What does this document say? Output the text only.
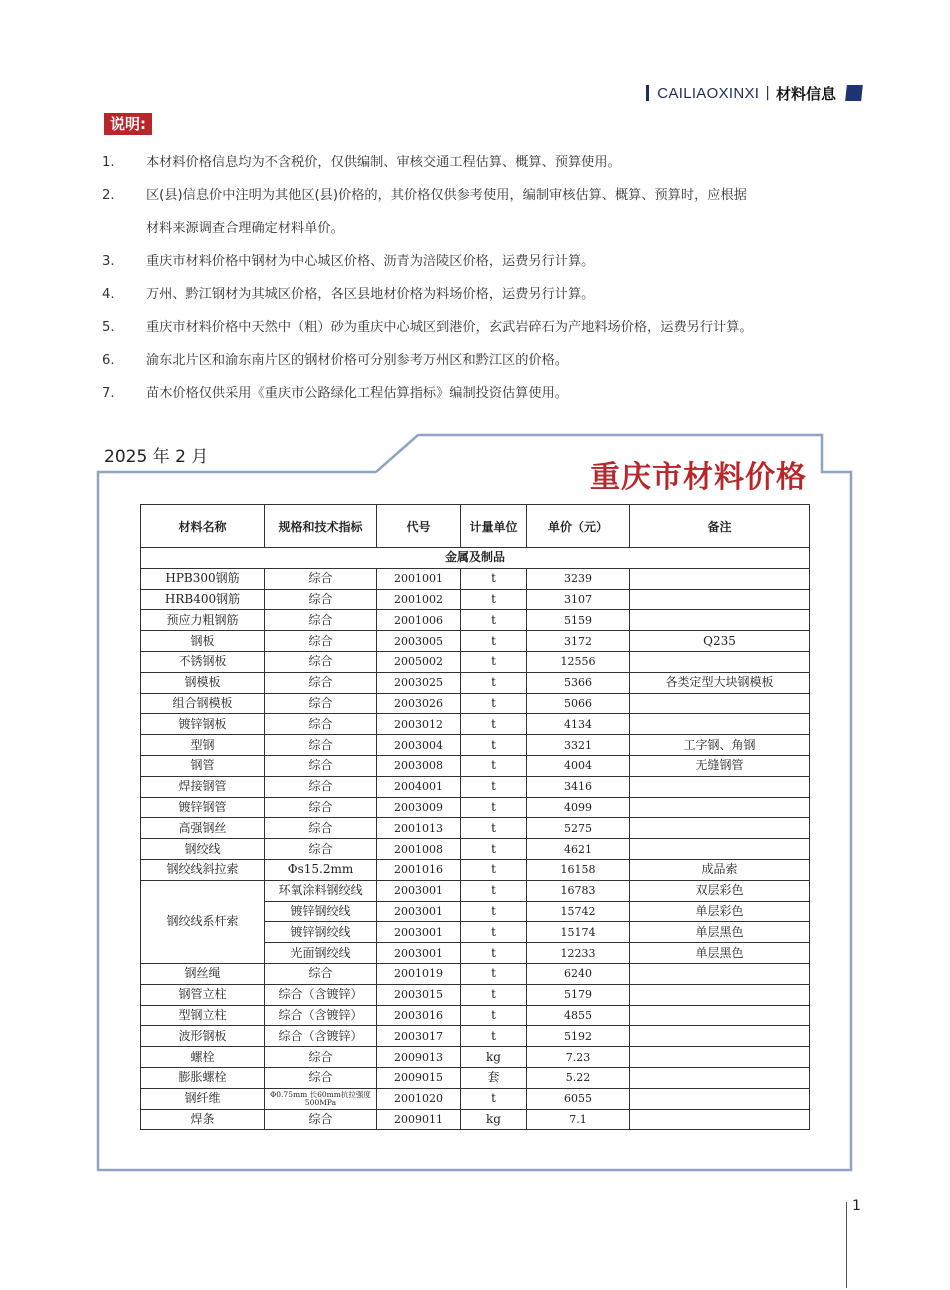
CAILIAOXINXI | 材料信息
说明:
1.	本材料价格信息均为不含税价，仅供编制、审核交通工程估算、概算、预算使用。
2.	区(县)信息价中注明为其他区(县)价格的，其价格仅供参考使用，编制审核估算、概算、预算时，应根据
材料来源调查合理确定材料单价。
3.	重庆市材料价格中钢材为中心城区价格、沥青为涪陵区价格，运费另行计算。
4.	万州、黔江钢材为其城区价格，各区县地材价格为料场价格，运费另行计算。
5.	重庆市材料价格中天然中（粗）砂为重庆中心城区到港价，玄武岩碎石为产地料场价格，运费另行计算。
6.	渝东北片区和渝东南片区的钢材价格可分别参考万州区和黔江区的价格。
7.	苗木价格仅供采用《重庆市公路绿化工程估算指标》编制投资估算使用。
2025 年 2 月
重庆市材料价格
材料名称	规格和技术指标	代号	计量单位	单价（元）	备注
金属及制品					
HPB300钢筋	综合	2001001	t	3239	
HRB400钢筋	综合	2001002	t	3107	
预应力粗钢筋	综合	2001006	t	5159	
钢板	综合	2003005	t	3172	Q235
不锈钢板	综合	2005002	t	12556	
钢模板	综合	2003025	t	5366	各类定型大块钢模板
组合钢模板	综合	2003026	t	5066	
镀锌钢板	综合	2003012	t	4134	
型钢	综合	2003004	t	3321	工字钢、角钢
钢管	综合	2003008	t	4004	无缝钢管
焊接钢管	综合	2004001	t	3416	
镀锌钢管	综合	2003009	t	4099	
高强钢丝	综合	2001013	t	5275	
钢绞线	综合	2001008	t	4621	
钢绞线斜拉索	Φs15.2mm	2001016	t	16158	成品索
钢绞线系杆索	环氧涂料钢绞线	2003001	t	16783	双层彩色
	镀锌钢绞线	2003001	t	15742	单层彩色
	镀锌钢绞线	2003001	t	15174	单层黑色
	光面钢绞线	2003001	t	12233	单层黑色
钢丝绳	综合	2001019	t	6240	
钢管立柱	综合（含镀锌）	2003015	t	5179	
型钢立柱	综合（含镀锌）	2003016	t	4855	
波形钢板	综合（含镀锌）	2003017	t	5192	
螺栓	综合	2009013	kg	7.23	
膨胀螺栓	综合	2009015	套	5.22	
钢纤维	Φ0.75mm 长60mm抗拉强度500MPa	2001020	t	6055	
焊条	综合	2009011	kg	7.1	
1
